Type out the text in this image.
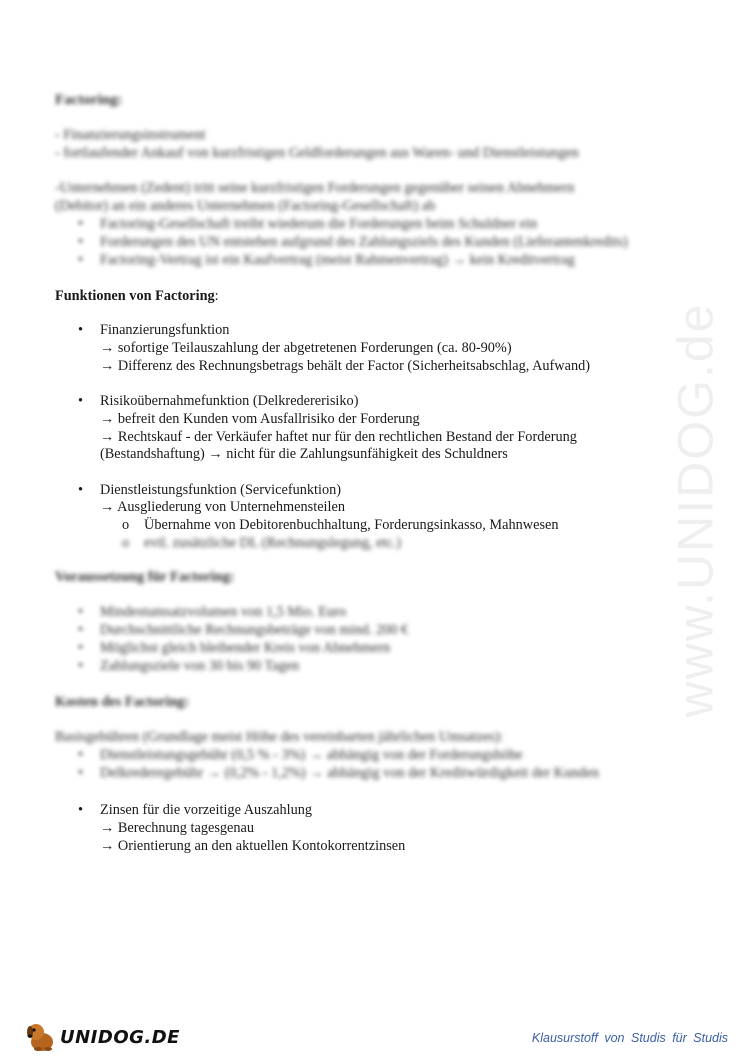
www.UNIDOG.de
Factoring:
- Finanzierungsinstrument
- fortlaufender Ankauf von kurzfristigen Geldforderungen aus Waren- und Dienstleistungen
-Unternehmen (Zedent) tritt seine kurzfristigen Forderungen gegenüber seinen Abnehmern
(Debitor) an ein anderes Unternehmen (Factoring-Gesellschaft) ab
• Factoring-Gesellschaft treibt wiederum die Forderungen beim Schuldner ein
• Forderungen des UN entstehen aufgrund des Zahlungsziels des Kunden (Lieferantenkredits)
• Factoring-Vertrag ist ein Kaufvertrag (meist Rahmenvertrag) → kein Kreditvertrag
Funktionen von Factoring:
• Finanzierungsfunktion
→ sofortige Teilauszahlung der abgetretenen Forderungen (ca. 80-90%)
→ Differenz des Rechnungsbetrags behält der Factor (Sicherheitsabschlag, Aufwand)
• Risikoübernahmefunktion (Delkredererisiko)
→ befreit den Kunden vom Ausfallrisiko der Forderung
→ Rechtskauf - der Verkäufer haftet nur für den rechtlichen Bestand der Forderung
(Bestandshaftung) → nicht für die Zahlungsunfähigkeit des Schuldners
• Dienstleistungsfunktion (Servicefunktion)
→ Ausgliederung von Unternehmensteilen
o Übernahme von Debitorenbuchhaltung, Forderungsinkasso, Mahnwesen
o evtl. zusätzliche DL (Rechnungslegung, etc.)
Voraussetzung für Factoring:
• Mindestumsatzvolumen von 1,5 Mio. Euro
• Durchschnittliche Rechnungsbeträge von mind. 200 €
• Möglichst gleich bleibender Kreis von Abnehmern
• Zahlungsziele von 30 bis 90 Tagen
Kosten des Factoring:
Basisgebühren (Grundlage meist Höhe des vereinbarten jährlichen Umsatzes):
• Dienstleistungsgebühr (0,5 % - 3%) → abhängig von der Forderungshöhe
• Delkrederegebühr → (0,2% - 1,2%) → abhängig von der Kreditwürdigkeit der Kunden
• Zinsen für die vorzeitige Auszahlung
→ Berechnung tagesgenau
→ Orientierung an den aktuellen Kontokorrentzinsen
UNIDOG.DE	Klausurstoff von Studis für Studis
